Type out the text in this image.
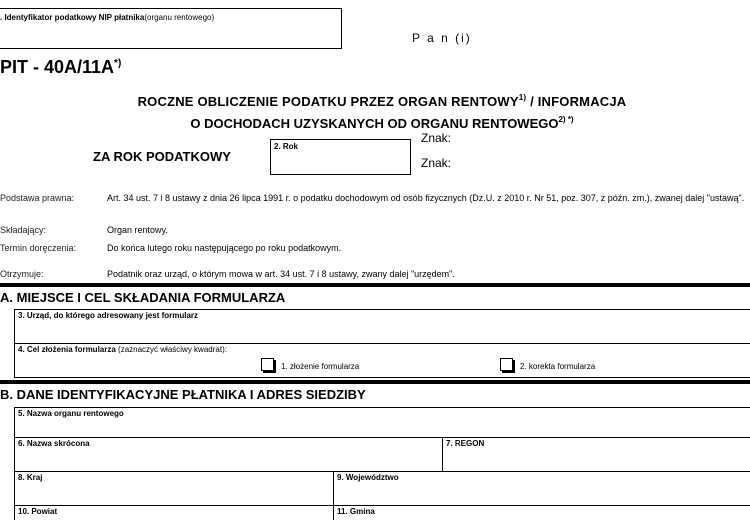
. Identyfikator podatkowy NIP płatnika(organu rentowego)
P a n (i)
PIT - 40A/11A*)
ROCZNE OBLICZENIE PODATKU PRZEZ ORGAN RENTOWY$^{1)}$ / INFORMACJA
O DOCHODACH UZYSKANYCH OD ORGANU $RENTOWEGO^{2) *)}$
ZA ROK PODATKOWY
2. Rok
Znak:
Znak:
Podstawa prawna:	Art. 34 ust. 7 i 8 ustawy z dnia 26 lipca 1991 r. o podatku dochodowym od osób fizycznych (Dz.U. z 2010 r. Nr 51, poz. 307, z późn. zm.), zwanej dalej "ustawą".
Składający:	Organ rentowy.
Termin doręczenia:	Do końca lutego roku następującego po roku podatkowym.
Otrzymuje:	Podatnik oraz urząd, o którym mowa w art. 34 ust. 7 i 8 ustawy, zwany dalej "urzędem".
A. MIEJSCE I CEL SKŁADANIA FORMULARZA
3. Urząd, do którego adresowany jest formularz
4. Cel złożenia formularza (zaznaczyć właściwy kwadrat):
1. złożenie formularza	2. korekta formularza
B. DANE IDENTYFIKACYJNE PŁATNIKA I ADRES SIEDZIBY
5. Nazwa organu rentowego
6. Nazwa skrócona	7. REGON
8. Kraj	9. Województwo
10. Powiat	11. Gmina
